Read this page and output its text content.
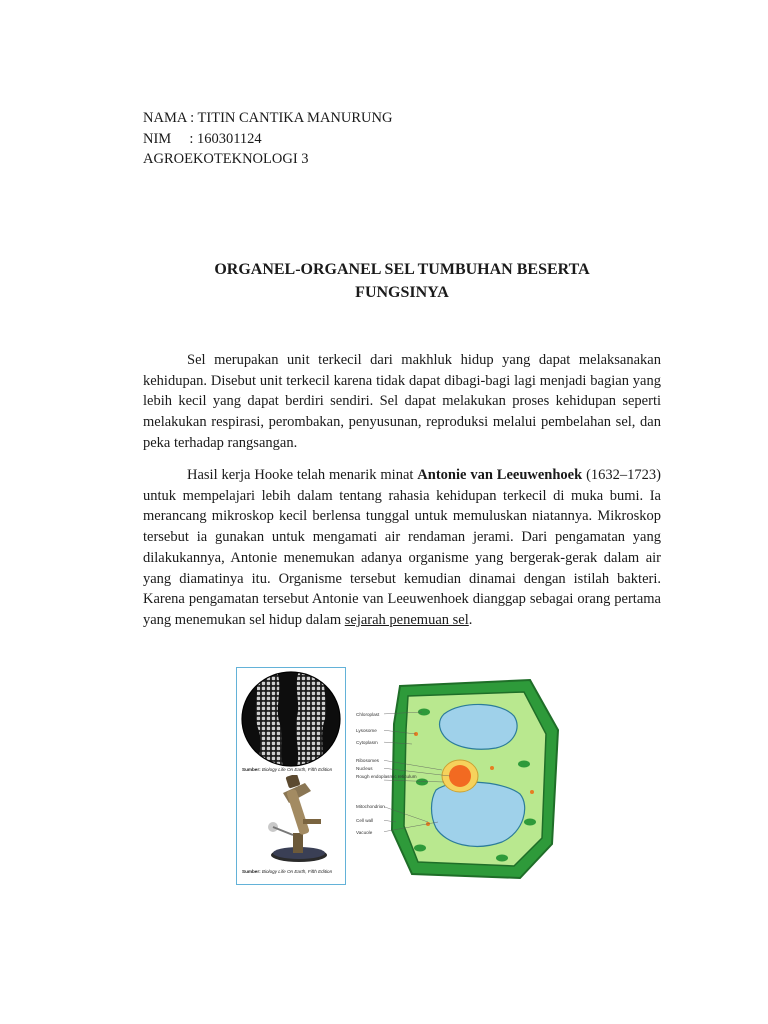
NAMA : TITIN CANTIKA MANURUNG
NIM     : 160301124
AGROEKOTEKNOLOGI 3
ORGANEL-ORGANEL SEL TUMBUHAN BESERTA
FUNGSINYA

Sel merupakan unit terkecil dari makhluk hidup yang dapat melaksanakan kehidupan. Disebut unit terkecil karena tidak dapat dibagi-bagi lagi menjadi bagian yang lebih kecil yang dapat berdiri sendiri. Sel dapat melakukan proses kehidupan seperti melakukan respirasi, perombakan, penyusunan, reproduksi melalui pembelahan sel, dan peka terhadap rangsangan.

Hasil kerja Hooke telah menarik minat Antonie van Leeuwenhoek (1632–1723) untuk mempelajari lebih dalam tentang rahasia kehidupan terkecil di muka bumi. Ia merancang mikroskop kecil berlensa tunggal untuk memuluskan niatannya. Mikroskop tersebut ia gunakan untuk mengamati air rendaman jerami. Dari pengamatan yang dilakukannya, Antonie menemukan adanya organisme yang bergerak-gerak dalam air yang diamatinya itu. Organisme tersebut kemudian dinamai dengan istilah bakteri. Karena pengamatan tersebut Antonie van Leeuwenhoek dianggap sebagai orang pertama yang menemukan sel hidup dalam sejarah penemuan sel.

Sumber: Biology Life On Earth, Fifth Edition
Sumber: Biology Life On Earth, Fifth Edition
Chloroplast
Lysosome
Cytoplasm
Ribosomes
Nucleus
Rough endoplasmic reticulum
Mitochondrion
Cell wall
Vacuole
